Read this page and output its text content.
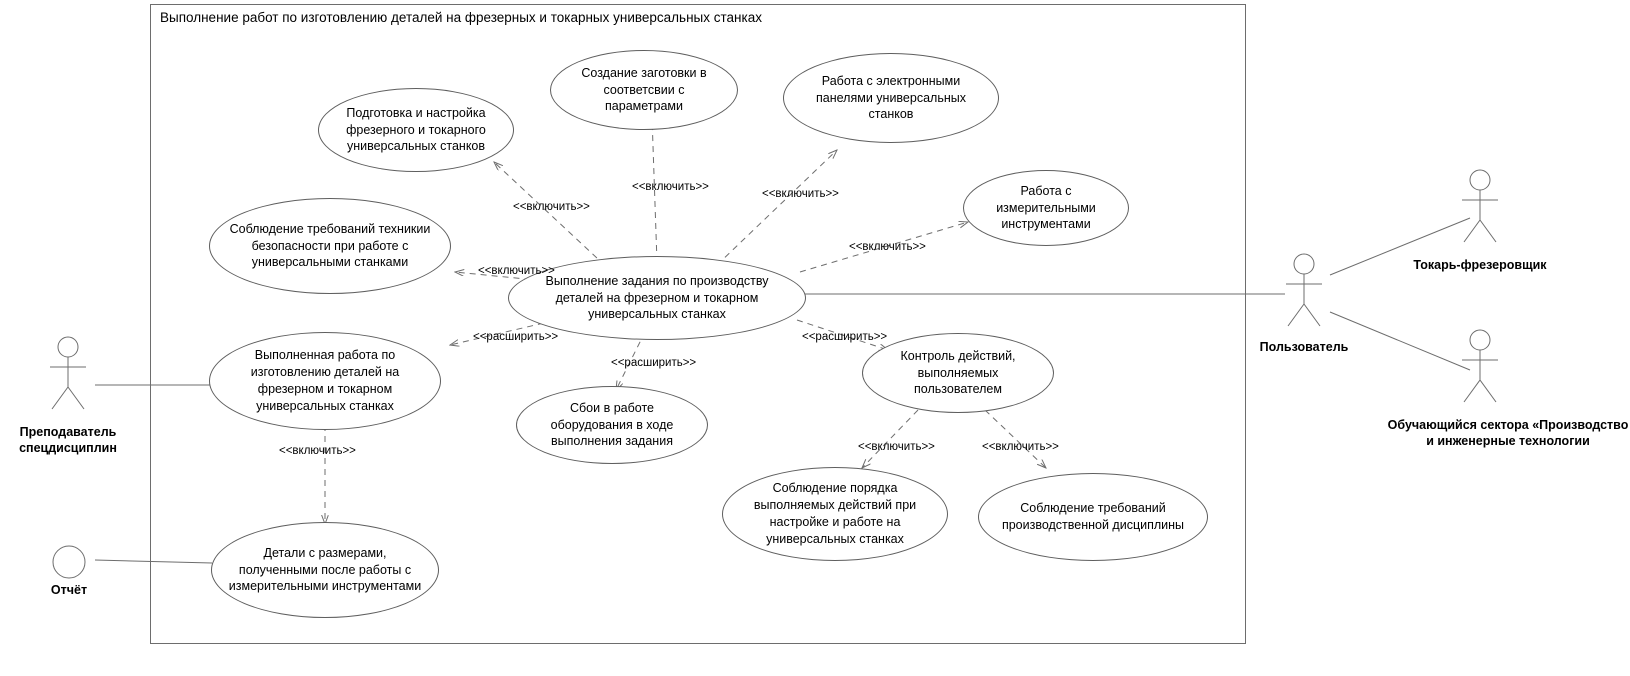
Выполнение работ по изготовлению деталей на фрезерных и токарных универсальных станках
Подготовка и настройка фрезерного и токарного универсальных станков
Создание заготовки в соответсвии с параметрами
Работа с электронными панелями универсальных станков
Работа с измерительными инструментами
Соблюдение требований техникии безопасности при работе с универсальными станками
Выполнение задания по производству деталей на фрезерном и токарном универсальных станках
Выполненная работа по изготовлению деталей на фрезерном и токарном универсальных станках	Сбои в работе оборудования в ходе выполнения задания
Контроль действий, выполняемых пользователем
Соблюдение порядка выполняемых действий при настройке и работе на универсальных станках
Соблюдение требований производственной дисциплины
Детали с размерами, полученными после работы с измерительными инструментами
<<включить>>
<<включить>>
<<включить>>
<<включить>>
<<включить>>
<<расширить>>
<<расширить>>
<<расширить>>
<<включить>>	<<включить>>
<<включить>>
Преподаватель спецдисциплин
Отчёт
Пользователь
Токарь-фрезеровщик
Обучающийся сектора «Производство и инженерные технологии
